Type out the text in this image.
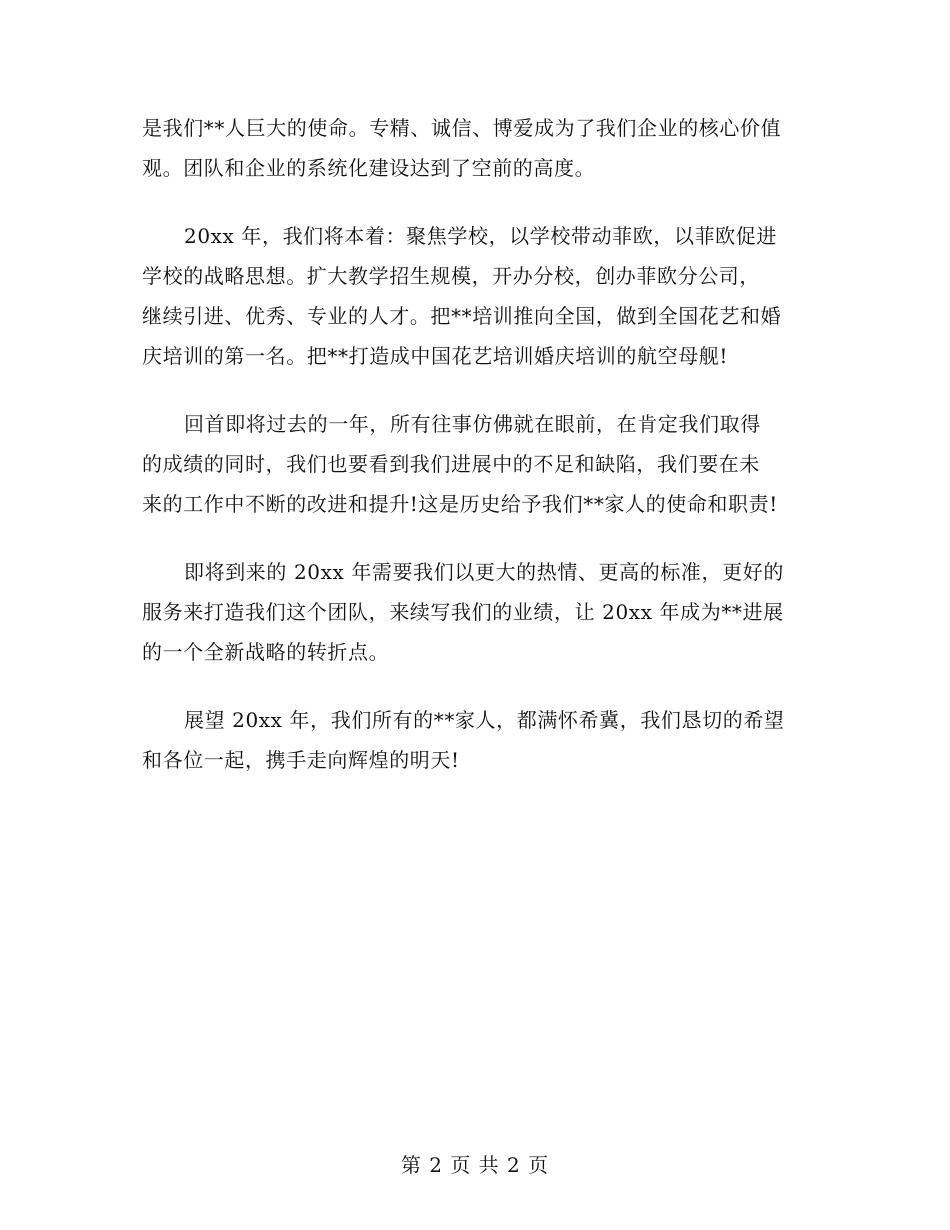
是我们**人巨大的使命。专精、诚信、博爱成为了我们企业的核心价值
观。团队和企业的系统化建设达到了空前的高度。
20xx 年，我们将本着：聚焦学校，以学校带动菲欧，以菲欧促进
学校的战略思想。扩大教学招生规模，开办分校，创办菲欧分公司，
继续引进、优秀、专业的人才。把**培训推向全国，做到全国花艺和婚
庆培训的第一名。把**打造成中国花艺培训婚庆培训的航空母舰!
回首即将过去的一年，所有往事仿佛就在眼前，在肯定我们取得
的成绩的同时，我们也要看到我们进展中的不足和缺陷，我们要在未
来的工作中不断的改进和提升!这是历史给予我们**家人的使命和职责!
即将到来的 20xx 年需要我们以更大的热情、更高的标准，更好的
服务来打造我们这个团队，来续写我们的业绩，让 20xx 年成为**进展
的一个全新战略的转折点。
展望 20xx 年，我们所有的**家人，都满怀希冀，我们恳切的希望
和各位一起，携手走向辉煌的明天!
第 2 页 共 2 页
